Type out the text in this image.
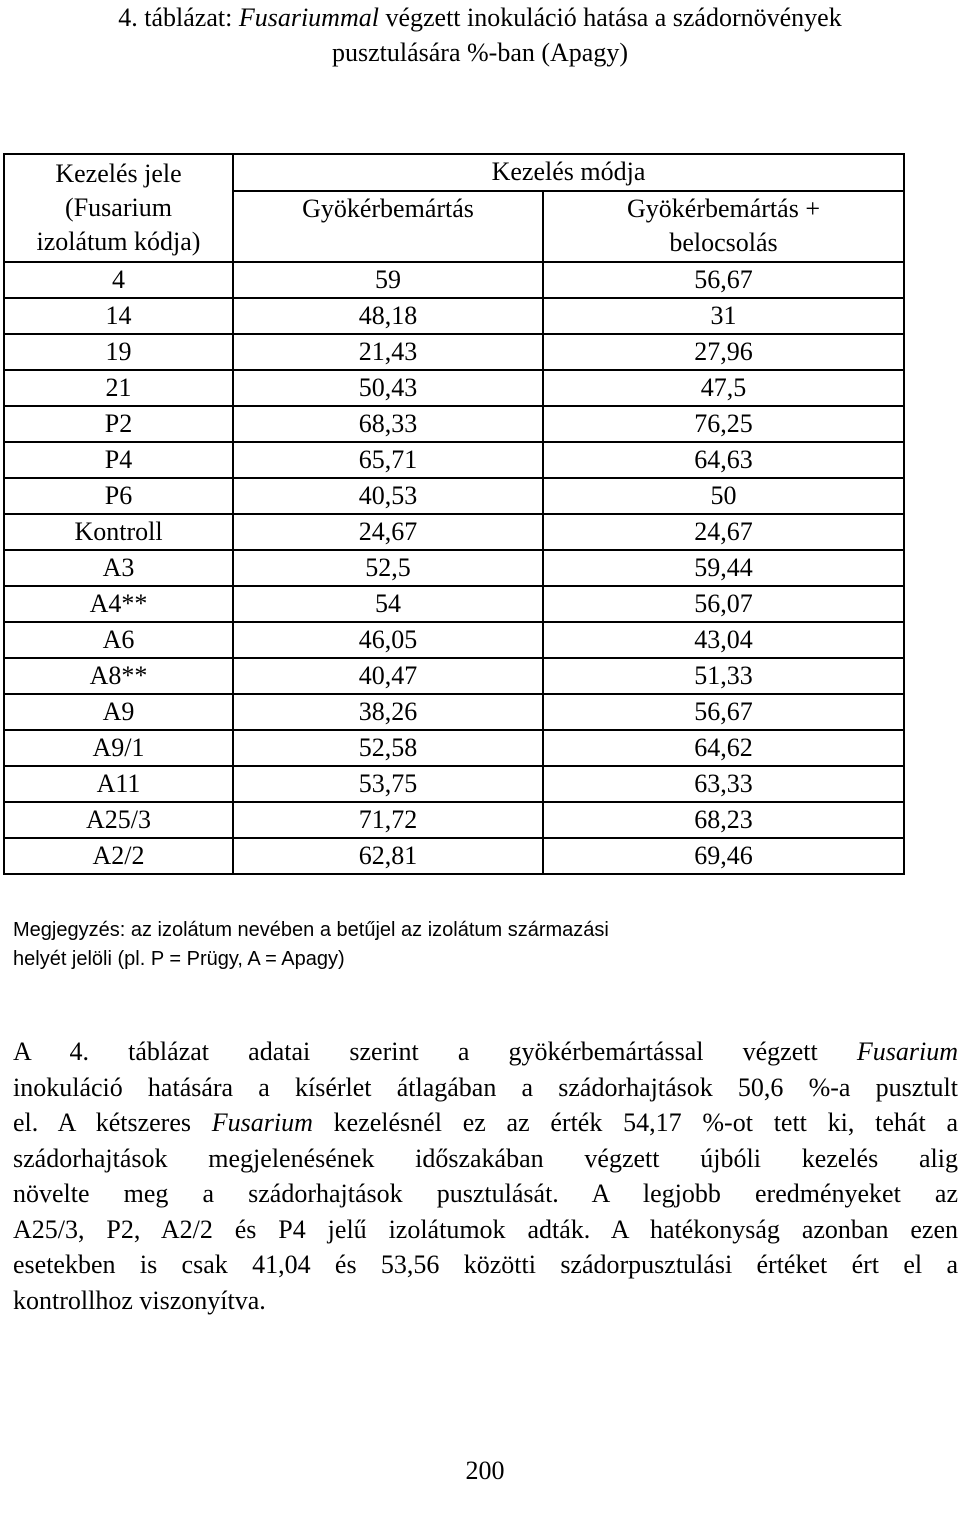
4. táblázat: Fusariummal végzett inokuláció hatása a szádornövények
pusztulására %-ban (Apagy)
Kezelés jele
(Fusarium
izolátum kódja)	Kezelés módja	
	Gyökérbemártás	Gyökérbemártás +
belocsolás

4	59	56,67
14	48,18	31
19	21,43	27,96
21	50,43	47,5
P2	68,33	76,25
P4	65,71	64,63
P6	40,53	50
Kontroll	24,67	24,67
A3	52,5	59,44
A4**	54	56,07
A6	46,05	43,04
A8**	40,47	51,33
A9	38,26	56,67
A9/1	52,58	64,62
A11	53,75	63,33
A25/3	71,72	68,23
A2/2	62,81	69,46
Megjegyzés: az izolátum nevében a betűjel az izolátum származási
helyét jelöli (pl. P = Prügy, A = Apagy)
A 4. táblázat adatai szerint a gyökérbemártással végzett Fusarium
inokuláció hatására a kísérlet átlagában a szádorhajtások 50,6 %-a pusztult
el. A kétszeres Fusarium kezelésnél ez az érték 54,17 %-ot tett ki, tehát a
szádorhajtások megjelenésének időszakában végzett újbóli kezelés alig
növelte meg a szádorhajtások pusztulását. A legjobb eredményeket az
A25/3, P2, A2/2 és P4 jelű izolátumok adták. A hatékonyság azonban ezen
esetekben is csak 41,04 és 53,56 közötti szádorpusztulási értéket ért el a
kontrollhoz viszonyítva.
200
